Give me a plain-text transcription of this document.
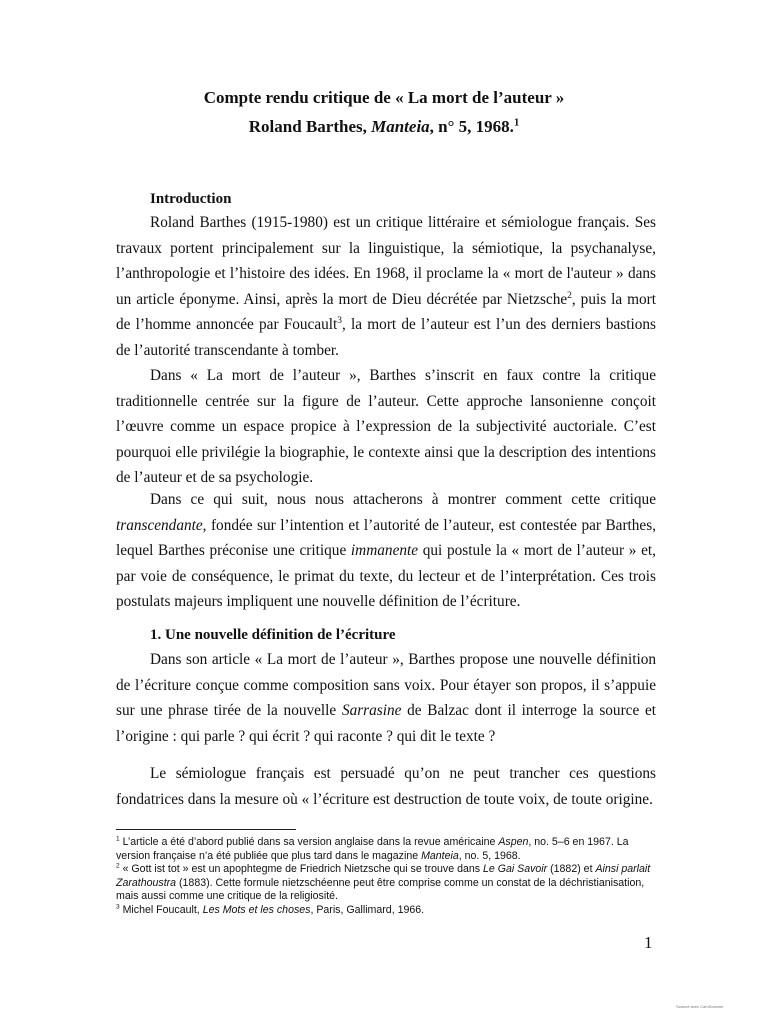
Compte rendu critique de « La mort de l’auteur »
Roland Barthes, Manteia, n° 5, 1968.$^1$
Introduction

Roland Barthes (1915-1980) est un critique littéraire et sémiologue français. Ses travaux portent principalement sur la linguistique, la sémiotique, la psychanalyse, l’anthropologie et l’histoire des idées. En 1968, il proclame la « mort de l'auteur » dans un article éponyme. Ainsi, après la mort de Dieu décrétée par Nietzsche$^2$, puis la mort de l’homme annoncée par Foucault$^3$, la mort de l’auteur est l’un des derniers bastions de l’autorité transcendante à tomber.

Dans « La mort de l’auteur », Barthes s’inscrit en faux contre la critique traditionnelle centrée sur la figure de l’auteur. Cette approche lansonienne conçoit l’œuvre comme un espace propice à l’expression de la subjectivité auctoriale. C’est pourquoi elle privilégie la biographie, le contexte ainsi que la description des intentions de l’auteur et de sa psychologie.

Dans ce qui suit, nous nous attacherons à montrer comment cette critique transcendante, fondée sur l’intention et l’autorité de l’auteur, est contestée par Barthes, lequel Barthes préconise une critique immanente qui postule la « mort de l’auteur » et, par voie de conséquence, le primat du texte, du lecteur et de l’interprétation. Ces trois postulats majeurs impliquent une nouvelle définition de l’écriture.

1. Une nouvelle définition de l’écriture

Dans son article « La mort de l’auteur », Barthes propose une nouvelle définition de l’écriture conçue comme composition sans voix. Pour étayer son propos, il s’appuie sur une phrase tirée de la nouvelle Sarrasine de Balzac dont il interroge la source et l’origine : qui parle ? qui écrit ? qui raconte ? qui dit le texte ?

Le sémiologue français est persuadé qu’on ne peut trancher ces questions fondatrices dans la mesure où « l’écriture est destruction de toute voix, de toute origine.

$^1$ L’article a été d’abord publié dans sa version anglaise dans la revue américaine Aspen, no. 5–6 en 1967. La version française n’a été publiée que plus tard dans le magazine Manteia, no. 5, 1968.

$^2$ « Gott ist tot » est un apophtegme de Friedrich Nietzsche qui se trouve dans Le Gai Savoir (1882) et Ainsi parlait Zarathoustra (1883). Cette formule nietzschéenne peut être comprise comme un constat de la déchristianisation, mais aussi comme une critique de la religiosité.

$^3$ Michel Foucault, Les Mots et les choses, Paris, Gallimard, 1966.

1
Scanné avec CamScanner
